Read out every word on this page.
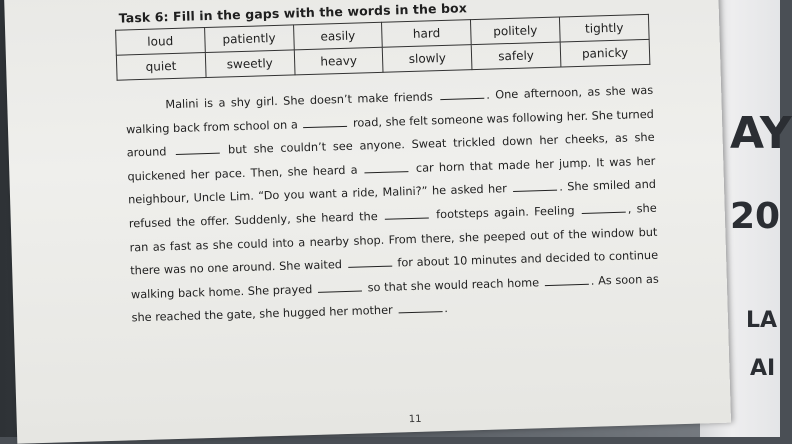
AY
20
LA
AI
Task 6: Fill in the gaps with the words in the box
loud	patiently	easily	hard	politely	tightly
quiet	sweetly	heavy	slowly	safely	panicky

Malini is a shy girl. She doesn’t make friends	. One afternoon, as she was walking back from school on a	road, she felt someone was following her. She turned around	but she couldn’t see anyone. Sweat trickled down her cheeks, as she quickened her pace. Then, she heard a	car horn that made her jump. It was her neighbour, Uncle Lim. “Do you want a ride, Malini?” he asked her	. She smiled and refused the offer. Suddenly, she heard the	footsteps again. Feeling	, she ran as fast as she could into a nearby shop. From there, she peeped out of the window but there was no one around. She waited	for about 10 minutes and decided to continue walking back home. She prayed	so that she would reach home	. As soon as she reached the gate, she hugged her mother	.

11
